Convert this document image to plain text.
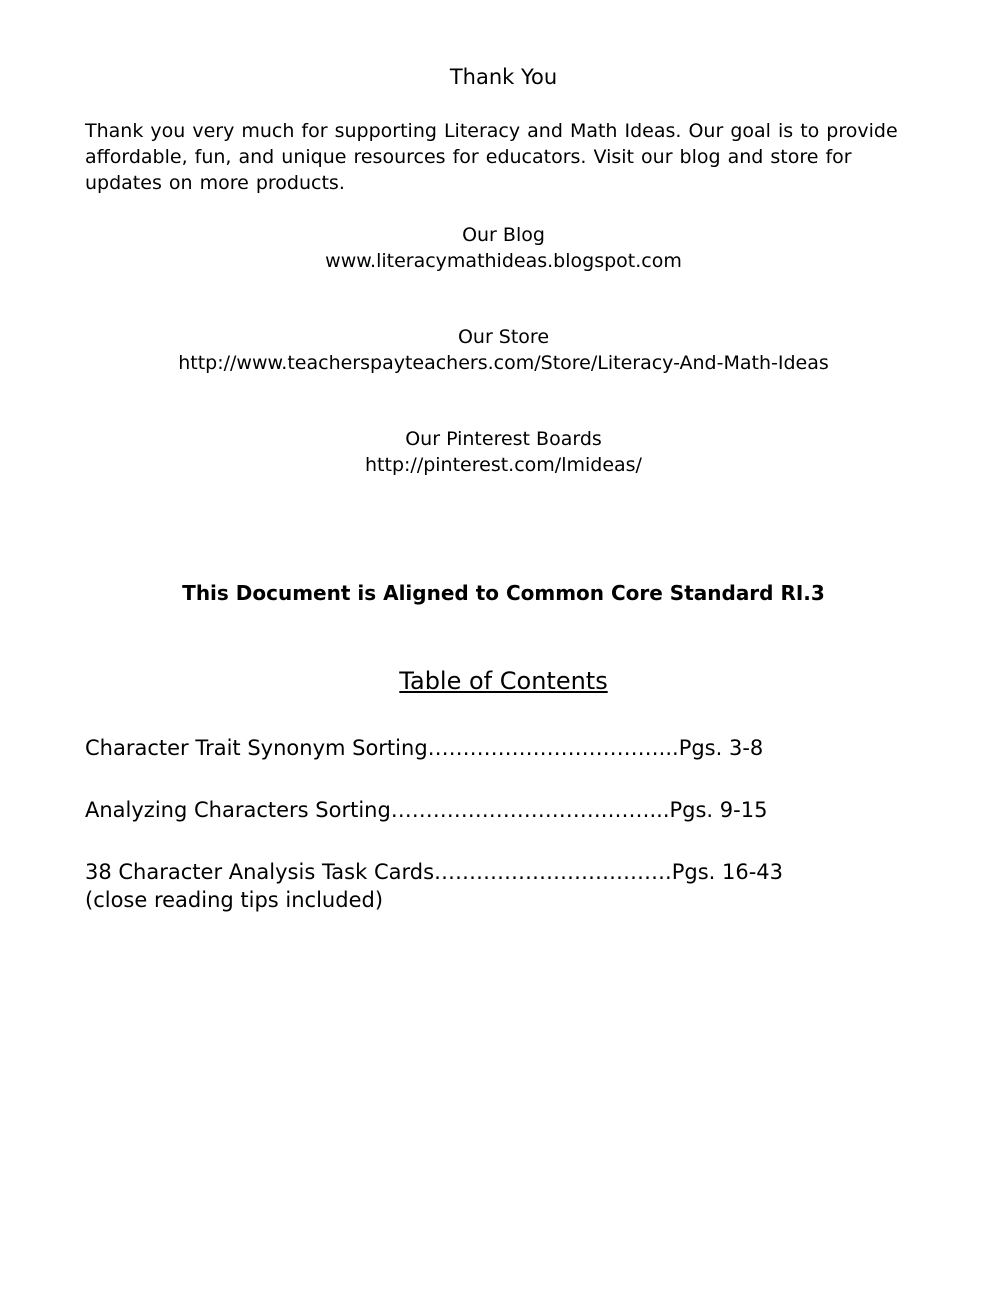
Thank You

Thank you very much for supporting Literacy and Math Ideas. Our goal is to provide affordable, fun, and unique resources for educators. Visit our blog and store for updates on more products.

Our Blog
www.literacymathideas.blogspot.com
Our Store
http://www.teacherspayteachers.com/Store/Literacy-And-Math-Ideas
Our Pinterest Boards
http://pinterest.com/lmideas/
This Document is Aligned to Common Core Standard RI.3
Table of Contents
Character Trait Synonym Sorting……………………………...Pgs. 3-8
Analyzing Characters Sorting………………………….……...Pgs. 9-15
38 Character Analysis Task Cards…………………………….Pgs. 16-43
(close reading tips included)
